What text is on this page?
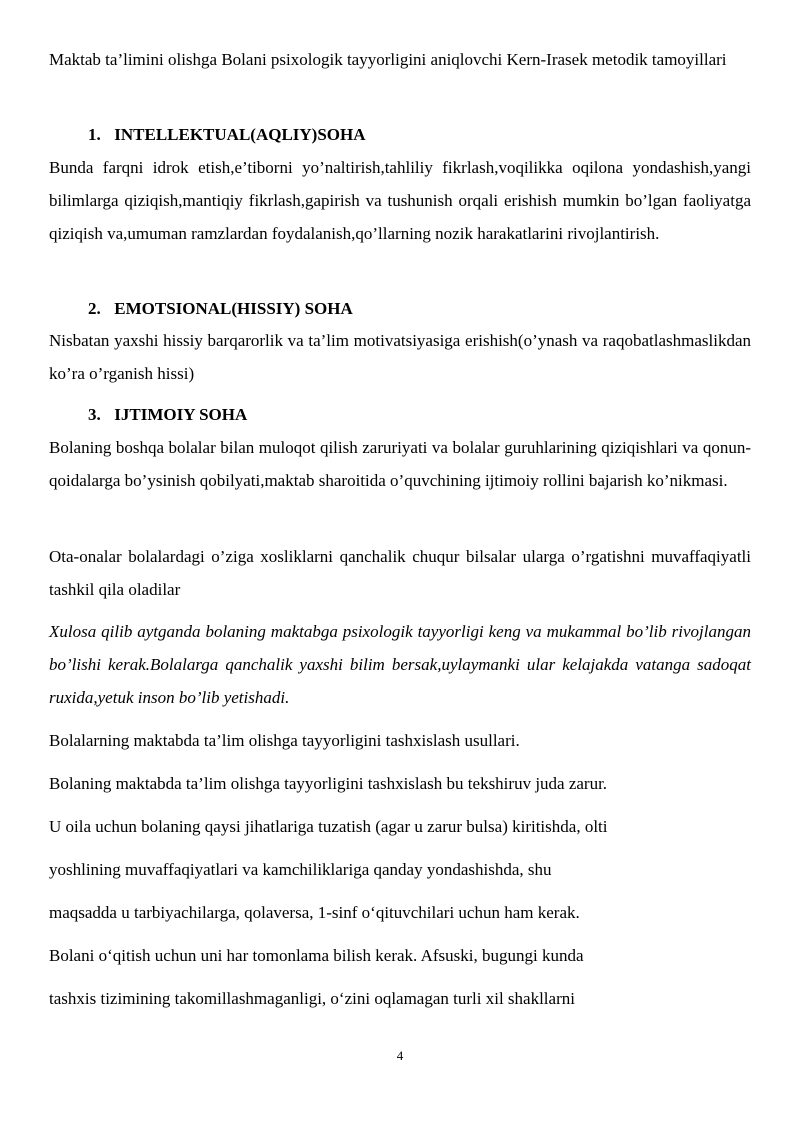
Maktab ta’limini olishga Bolani psixologik tayyorligini aniqlovchi Kern-Irasek metodik tamoyillari

1. INTELLEKTUAL(AQLIY)SOHA

Bunda farqni idrok etish,e’tiborni yo’naltirish,tahliliy fikrlash,voqilikka oqilona yondashish,yangi bilimlarga qiziqish,mantiqiy fikrlash,gapirish va tushunish orqali erishish mumkin bo’lgan faoliyatga qiziqish va,umuman ramzlardan foydalanish,qo’llarning nozik harakatlarini rivojlantirish.

2. EMOTSIONAL(HISSIY) SOHA

Nisbatan yaxshi hissiy barqarorlik va ta’lim motivatsiyasiga erishish(o’ynash va raqobatlashmaslikdan ko’ra o’rganish hissi)

3. IJTIMOIY SOHA

Bolaning boshqa bolalar bilan muloqot qilish zaruriyati va bolalar guruhlarining qiziqishlari va qonun-qoidalarga bo’ysinish qobilyati,maktab sharoitida o’quvchining ijtimoiy rollini bajarish ko’nikmasi.

Ota-onalar bolalardagi o’ziga xosliklarni qanchalik chuqur bilsalar ularga o’rgatishni muvaffaqiyatli tashkil qila oladilar

Xulosa qilib aytganda bolaning maktabga psixologik tayyorligi keng va mukammal bo’lib rivojlangan bo’lishi kerak.Bolalarga qanchalik yaxshi bilim bersak,uylaymanki ular kelajakda vatanga sadoqat ruxida,yetuk inson bo’lib yetishadi.

Bolalarning maktabda ta’lim olishga tayyorligini tashxislash usullari.

Bolaning maktabda ta’lim olishga tayyorligini tashxislash bu tekshiruv juda zarur.

U oila uchun bolaning qaysi jihatlariga tuzatish (agar u zarur bulsa) kiritishda, olti

yoshlining muvaffaqiyatlari va kamchiliklariga qanday yondashishda, shu

maqsadda u tarbiyachilarga, qolaversa, 1-sinf o‘qituvchilari uchun ham kerak.

Bolani o‘qitish uchun uni har tomonlama bilish kerak. Afsuski, bugungi kunda

tashxis tizimining takomillashmaganligi, o‘zini oqlamagan turli xil shakllarni

4
